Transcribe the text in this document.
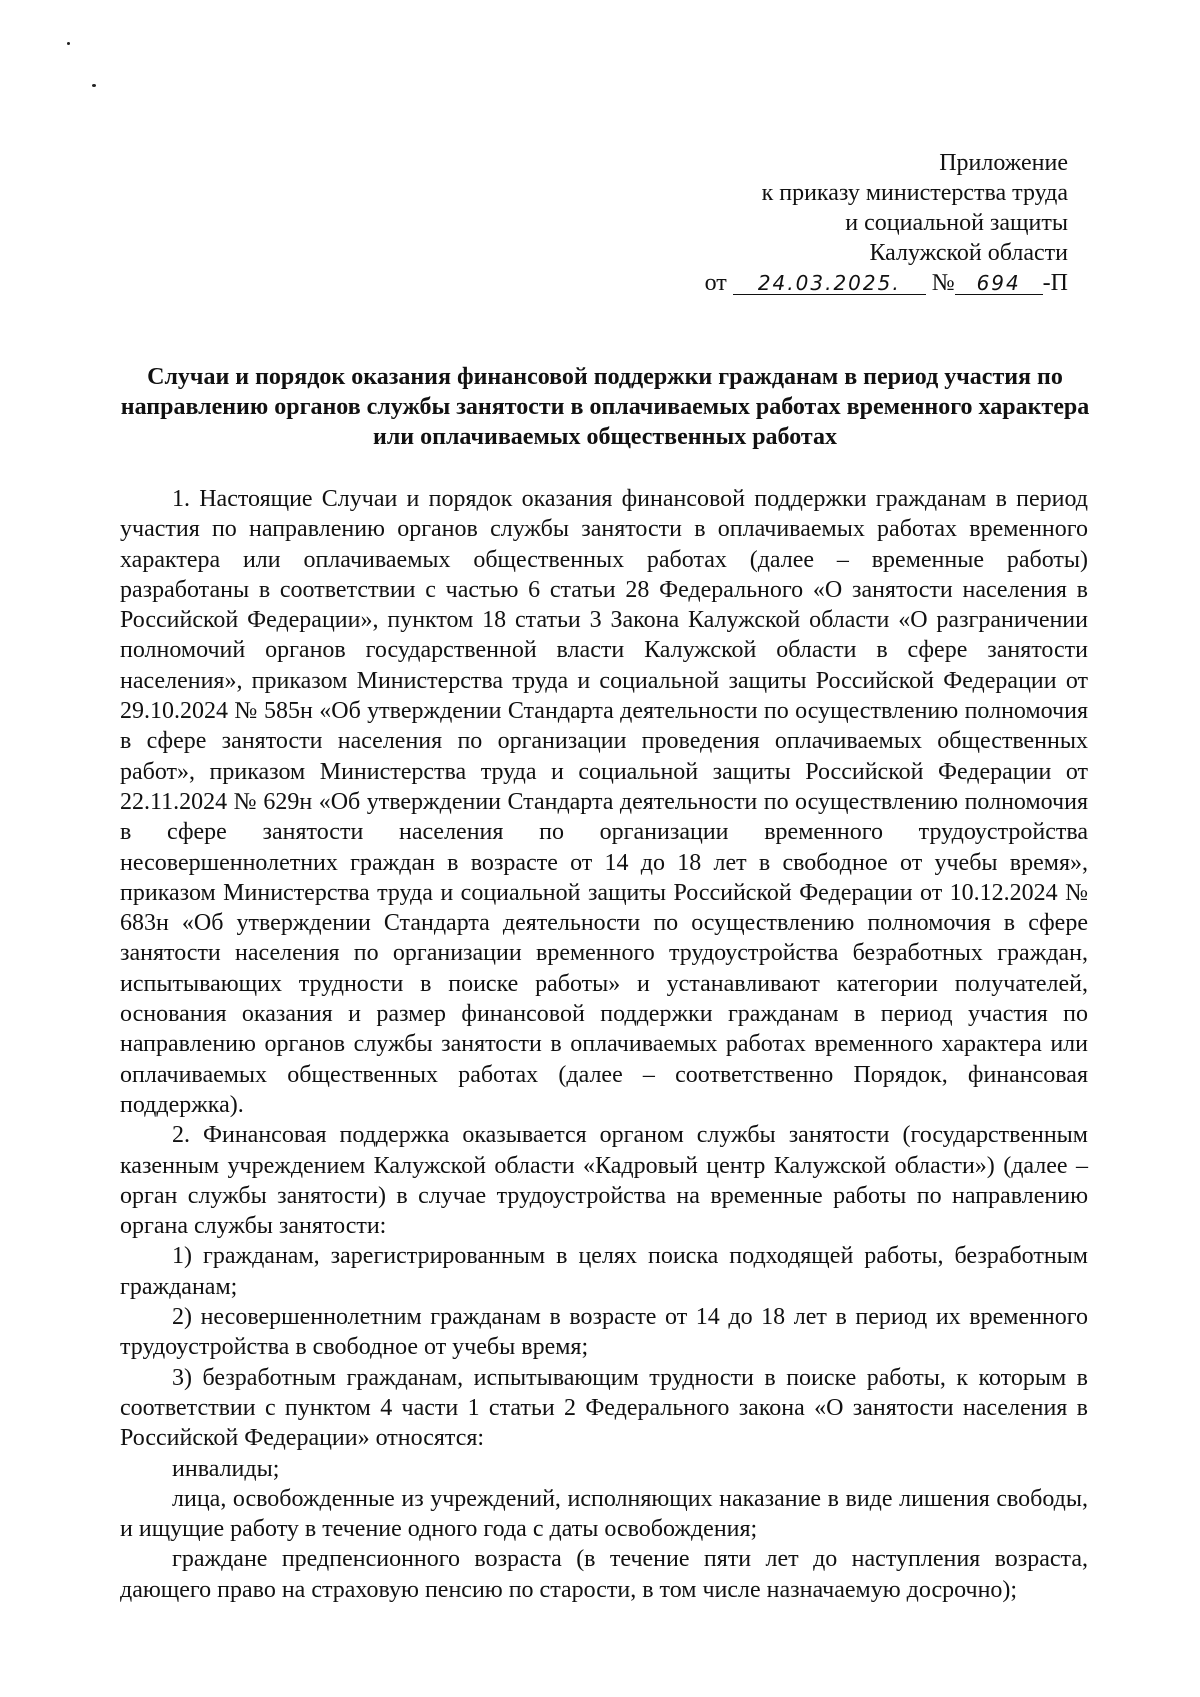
Приложение
к приказу министерства труда
и социальной защиты
Калужской области
от 24.03.2025. № 694 -П
Случаи и порядок оказания финансовой поддержки гражданам в период участия по направлению органов службы занятости в оплачиваемых работах временного характера или оплачиваемых общественных работах

1. Настоящие Случаи и порядок оказания финансовой поддержки гражданам в период участия по направлению органов службы занятости в оплачиваемых работах временного характера или оплачиваемых общественных работах (далее – временные работы) разработаны в соответствии с частью 6 статьи 28 Федерального «О занятости населения в Российской Федерации», пунктом 18 статьи 3 Закона Калужской области «О разграничении полномочий органов государственной власти Калужской области в сфере занятости населения», приказом Министерства труда и социальной защиты Российской Федерации от 29.10.2024 № 585н «Об утверждении Стандарта деятельности по осуществлению полномочия в сфере занятости населения по организации проведения оплачиваемых общественных работ», приказом Министерства труда и социальной защиты Российской Федерации от 22.11.2024 № 629н «Об утверждении Стандарта деятельности по осуществлению полномочия в сфере занятости населения по организации временного трудоустройства несовершеннолетних граждан в возрасте от 14 до 18 лет в свободное от учебы время», приказом Министерства труда и социальной защиты Российской Федерации от 10.12.2024 № 683н «Об утверждении Стандарта деятельности по осуществлению полномочия в сфере занятости населения по организации временного трудоустройства безработных граждан, испытывающих трудности в поиске работы» и устанавливают категории получателей, основания оказания и размер финансовой поддержки гражданам в период участия по направлению органов службы занятости в оплачиваемых работах временного характера или оплачиваемых общественных работах (далее – соответственно Порядок, финансовая поддержка).

2. Финансовая поддержка оказывается органом службы занятости (государственным казенным учреждением Калужской области «Кадровый центр Калужской области») (далее – орган службы занятости) в случае трудоустройства на временные работы по направлению органа службы занятости:

1) гражданам, зарегистрированным в целях поиска подходящей работы, безработным гражданам;

2) несовершеннолетним гражданам в возрасте от 14 до 18 лет в период их временного трудоустройства в свободное от учебы время;

3) безработным гражданам, испытывающим трудности в поиске работы, к которым в соответствии с пунктом 4 части 1 статьи 2 Федерального закона «О занятости населения в Российской Федерации» относятся:

инвалиды;

лица, освобожденные из учреждений, исполняющих наказание в виде лишения свободы, и ищущие работу в течение одного года с даты освобождения;

граждане предпенсионного возраста (в течение пяти лет до наступления возраста, дающего право на страховую пенсию по старости, в том числе назначаемую досрочно);
